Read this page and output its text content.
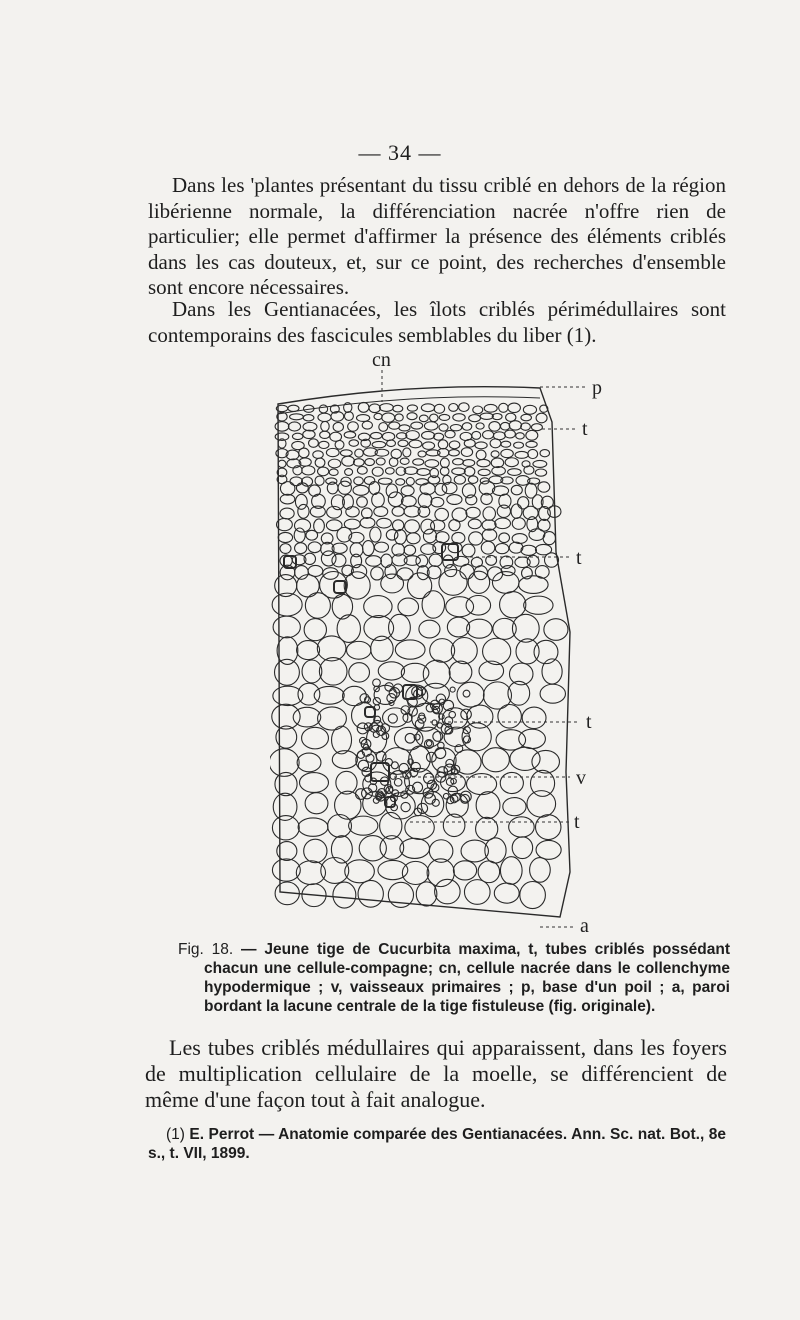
— 34 —

Dans les 'plantes présentant du tissu criblé en dehors de la région libérienne normale, la différenciation nacrée n'offre rien de particulier; elle permet d'affirmer la présence des éléments criblés dans les cas douteux, et, sur ce point, des recherches d'ensemble sont encore nécessaires.

Dans les Gentianacées, les îlots criblés périmédullaires sont contemporains des fascicules semblables du liber (1).

cn
p
t
t
t
v
t
a

Fig. 18. — Jeune tige de Cucurbita maxima, t, tubes criblés possédant chacun une cellule-compagne; cn, cellule nacrée dans le collenchyme hypodermique ; v, vaisseaux primaires ; p, base d'un poil ; a, paroi bordant la lacune centrale de la tige fistuleuse (fig. originale).

Les tubes criblés médullaires qui apparaissent, dans les foyers de multiplication cellulaire de la moelle, se différencient de même d'une façon tout à fait analogue.

(1) E. Perrot — Anatomie comparée des Gentianacées. Ann. Sc. nat. Bot., 8e s., t. VII, 1899.
